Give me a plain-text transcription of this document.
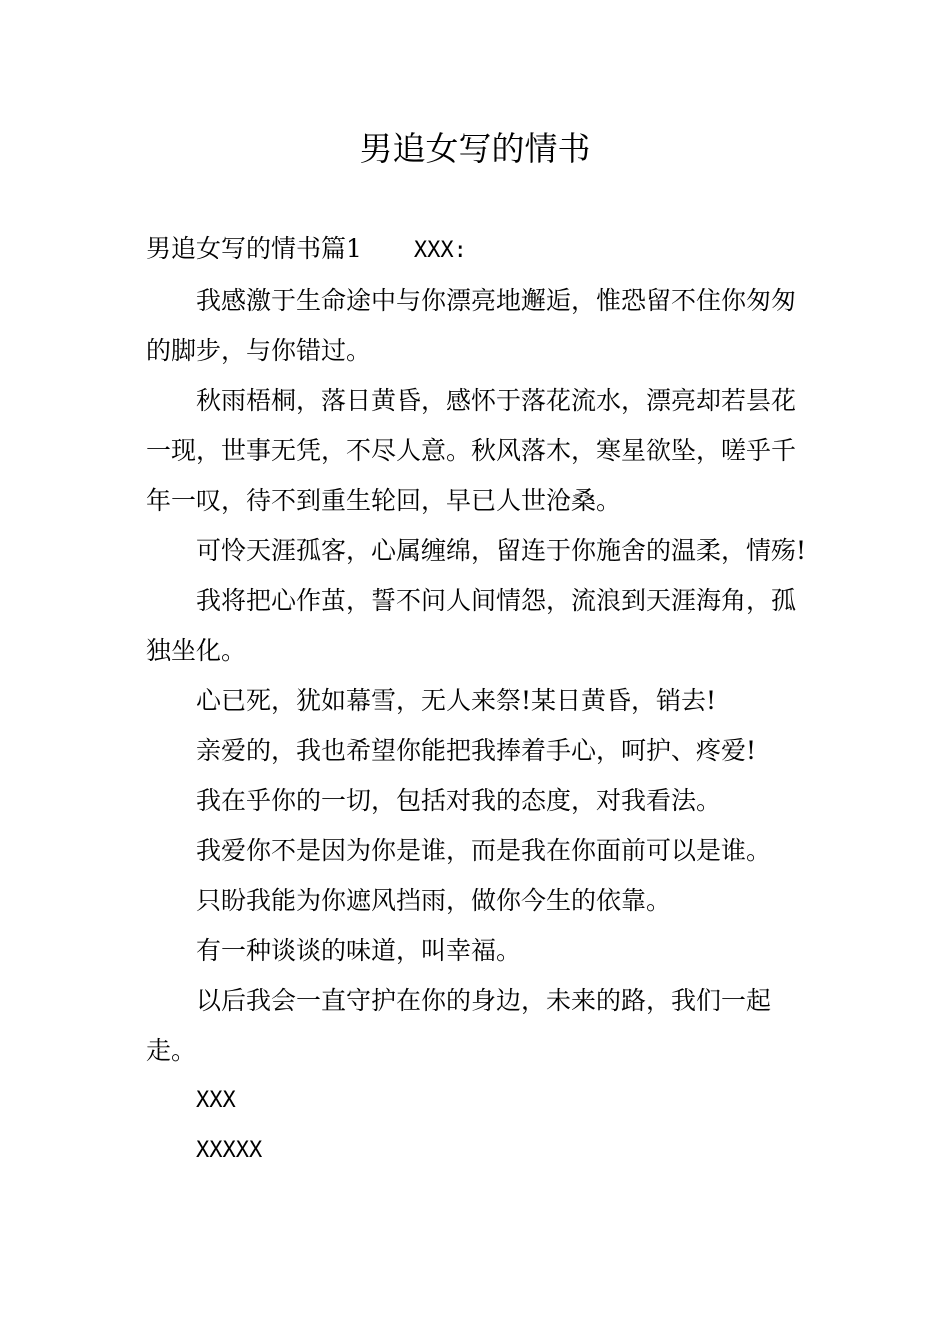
男追女写的情书

男追女写的情书篇1 XXX:

我感激于生命途中与你漂亮地邂逅，惟恐留不住你匆匆的脚步，与你错过。

秋雨梧桐，落日黄昏，感怀于落花流水，漂亮却若昙花一现，世事无凭，不尽人意。秋风落木，寒星欲坠，嗟乎千年一叹，待不到重生轮回，早已人世沧桑。

可怜天涯孤客，心属缠绵，留连于你施舍的温柔，情殇!

我将把心作茧，誓不问人间情怨，流浪到天涯海角，孤独坐化。

心已死，犹如幕雪，无人来祭!某日黄昏，销去!

亲爱的，我也希望你能把我捧着手心，呵护、疼爱!

我在乎你的一切，包括对我的态度，对我看法。

我爱你不是因为你是谁，而是我在你面前可以是谁。

只盼我能为你遮风挡雨，做你今生的依靠。

有一种谈谈的味道，叫幸福。

以后我会一直守护在你的身边，未来的路，我们一起走。

XXX

XXXXX
